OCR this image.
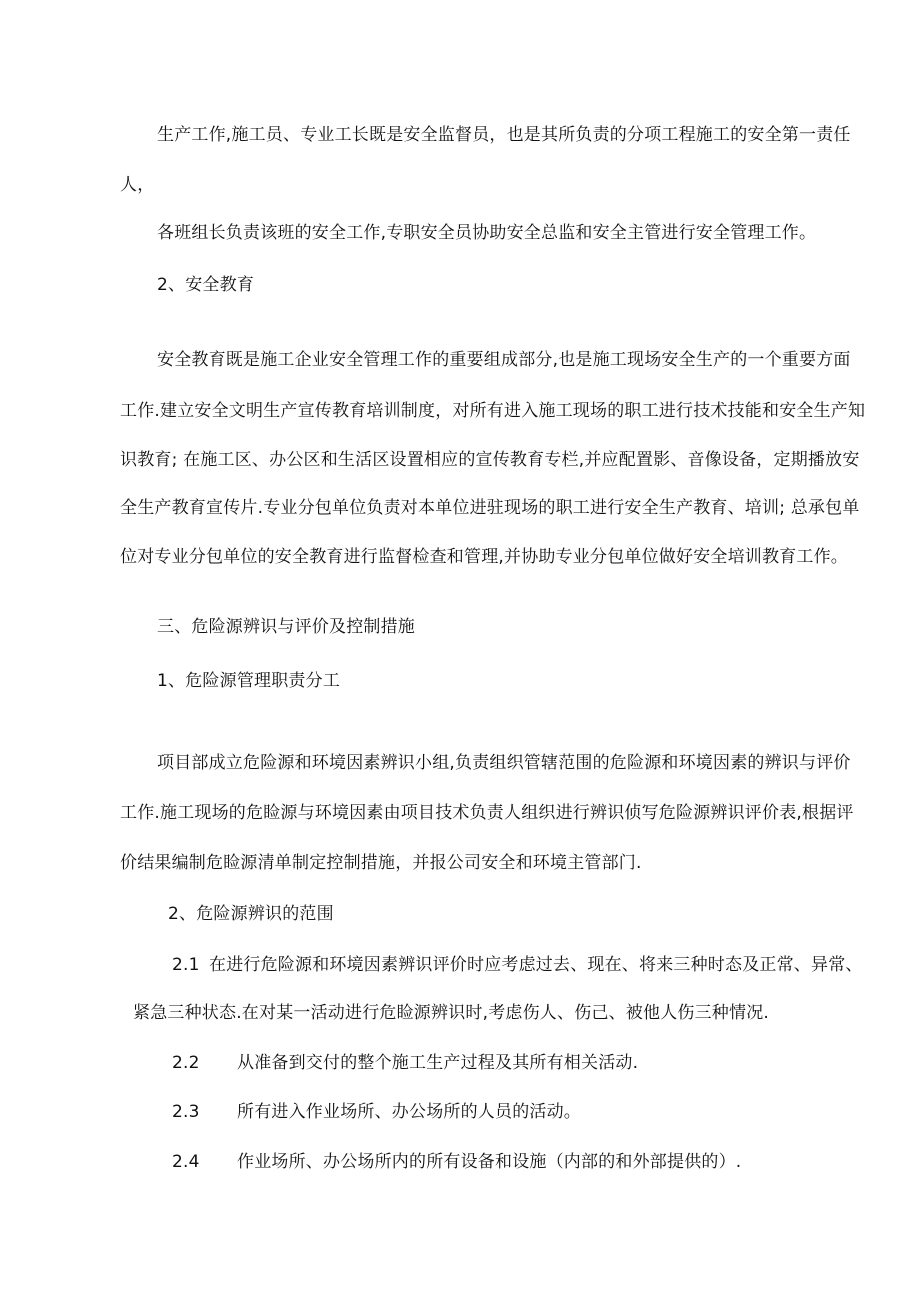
生产工作,施工员、专业工长既是安全监督员，也是其所负责的分项工程施工的安全第一责任
人，
各班组长负责该班的安全工作,专职安全员协助安全总监和安全主管进行安全管理工作。
2、安全教育
安全教育既是施工企业安全管理工作的重要组成部分,也是施工现场安全生产的一个重要方面
工作.建立安全文明生产宣传教育培训制度，对所有进入施工现场的职工进行技术技能和安全生产知
识教育; 在施工区、办公区和生活区设置相应的宣传教育专栏,并应配置影、音像设备，定期播放安
全生产教育宣传片.专业分包单位负责对本单位进驻现场的职工进行安全生产教育、培训; 总承包单
位对专业分包单位的安全教育进行监督检查和管理,并协助专业分包单位做好安全培训教育工作。
三、危险源辨识与评价及控制措施
1、危险源管理职责分工
项目部成立危险源和环境因素辨识小组,负责组织管辖范围的危险源和环境因素的辨识与评价
工作.施工现场的危睑源与环境因素由项目技术负责人组织进行辨识侦写危险源辨识评价表,根据评
价结果编制危睑源清单制定控制措施，并报公司安全和环境主管部门.
2、危险源辨识的范围
2.1 在进行危险源和环境因素辨识评价时应考虑过去、现在、将来三种时态及正常、异常、
紧急三种状态.在对某一活动进行危睑源辨识时,考虑伤人、伤己、被他人伤三种情况.
2.2 从准备到交付的整个施工生产过程及其所有相关活动.
2.3 所有进入作业场所、办公场所的人员的活动。
2.4 作业场所、办公场所内的所有设备和设施（内部的和外部提供的）.
